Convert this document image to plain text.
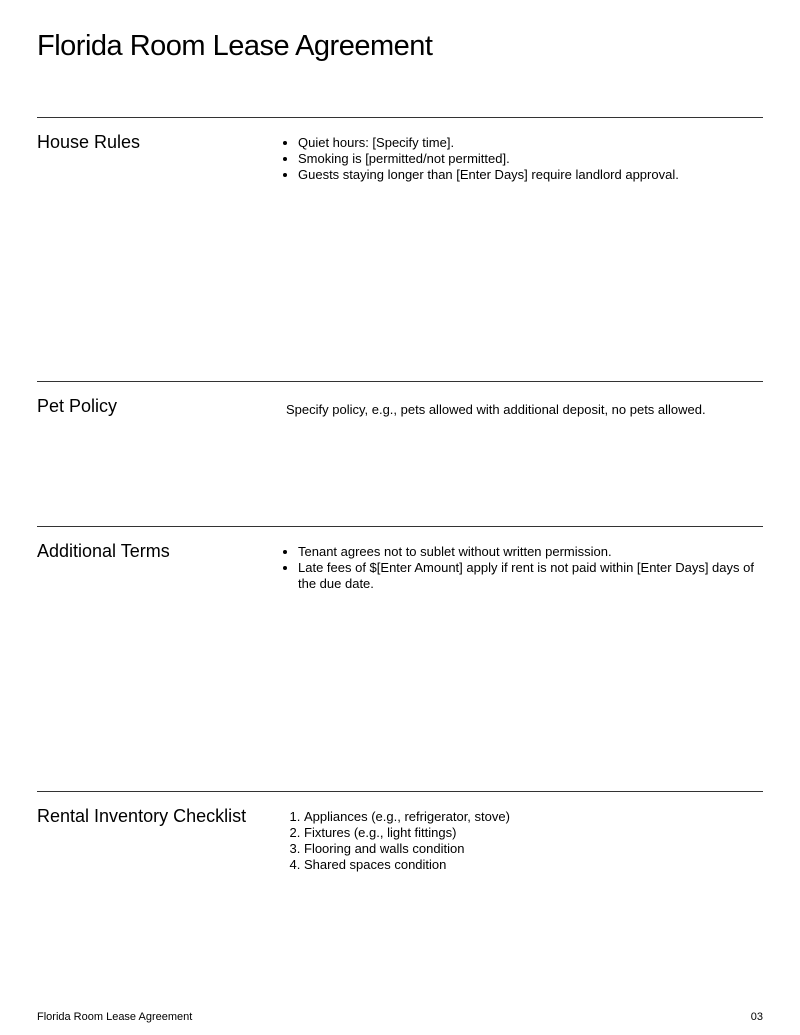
Florida Room Lease Agreement
House Rules	• Quiet hours: [Specify time].
• Smoking is [permitted/not permitted].
• Guests staying longer than [Enter Days] require landlord approval.
Pet Policy	Specify policy, e.g., pets allowed with additional deposit, no pets allowed.
Additional Terms	• Tenant agrees not to sublet without written permission.
• Late fees of $[Enter Amount] apply if rent is not paid within [Enter Days] days of the due date.
Rental Inventory Checklist	1. Appliances (e.g., refrigerator, stove)
2. Fixtures (e.g., light fittings)
3. Flooring and walls condition
4. Shared spaces condition
Florida Room Lease Agreement	03
